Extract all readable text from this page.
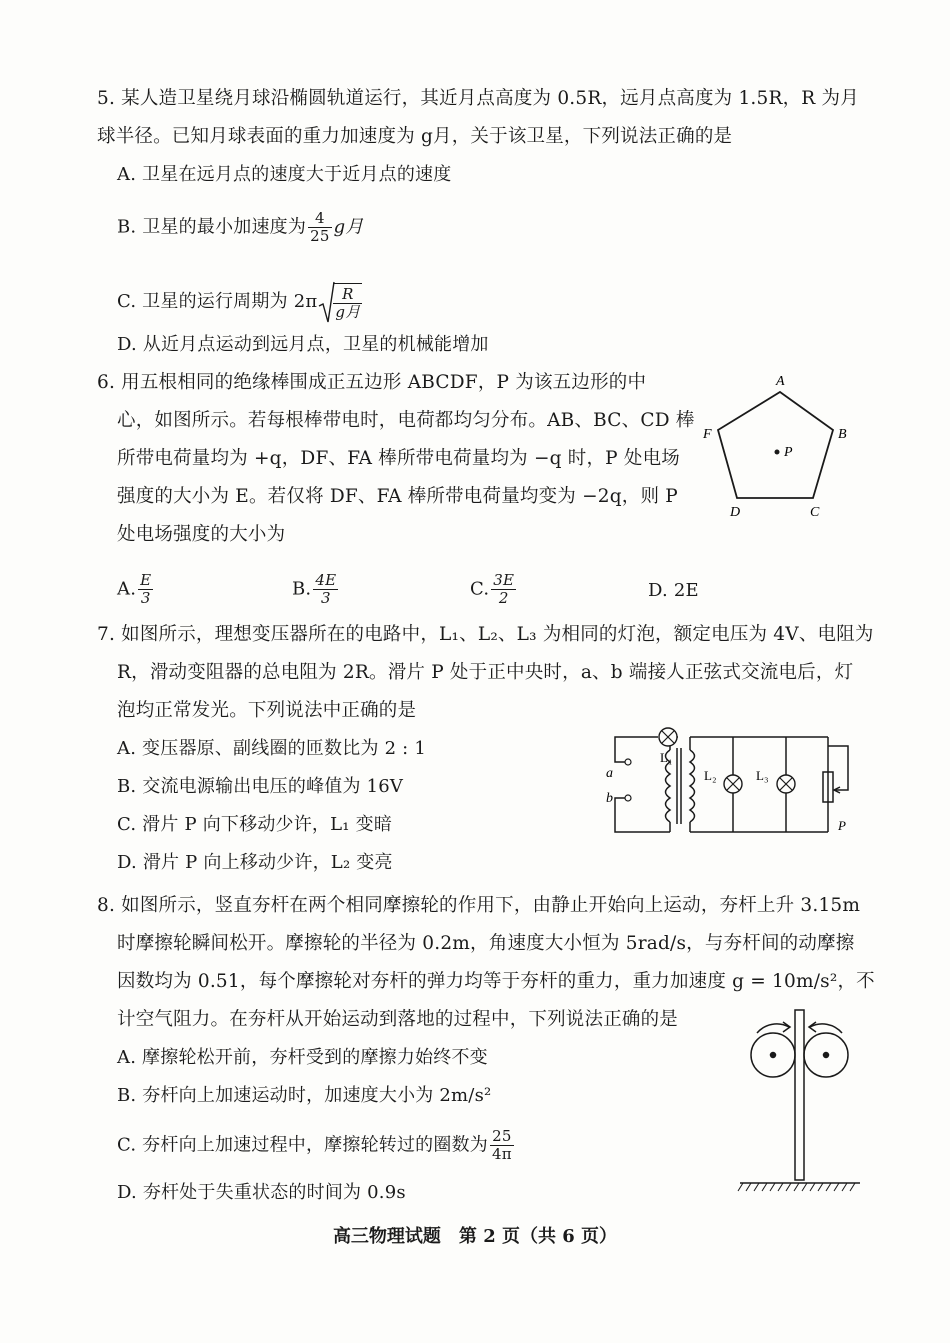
5. 某人造卫星绕月球沿椭圆轨道运行，其近月点高度为 0.5R，远月点高度为 1.5R，R 为月
球半径。已知月球表面的重力加速度为 g月，关于该卫星，下列说法正确的是
A. 卫星在远月点的速度大于近月点的速度
B. 卫星的最小加速度为 $\frac{4}{25}$ g月
C. 卫星的运行周期为 $2\pi \frac{R}{\text{g月}}$
D. 从近月点运动到远月点，卫星的机械能增加
6. 用五根相同的绝缘棒围成正五边形 ABCDF，P 为该五边形的中
心，如图所示。若每根棒带电时，电荷都均匀分布。AB、BC、CD 棒
所带电荷量均为 +q，DF、FA 棒所带电荷量均为 −q 时，P 处电场
强度的大小为 E。若仅将 DF、FA 棒所带电荷量均变为 −2q，则 P
处电场强度的大小为
A. $\frac{E}{3}$	B. $\frac{4E}{3}$	C. $\frac{3E}{2}$	D. 2E
A
B
C
D
F
P
7. 如图所示，理想变压器所在的电路中，L₁、L₂、L₃ 为相同的灯泡，额定电压为 4V、电阻为
R，滑动变阻器的总电阻为 2R。滑片 P 处于正中央时，a、b 端接人正弦式交流电后，灯
泡均正常发光。下列说法中正确的是
A. 变压器原、副线圈的匝数比为 2 : 1
B. 交流电源输出电压的峰值为 16V
C. 滑片 P 向下移动少许，L₁ 变暗
D. 滑片 P 向上移动少许，L₂ 变亮
a
b
L₁
L₂	L₃
P
8. 如图所示，竖直夯杆在两个相同摩擦轮的作用下，由静止开始向上运动，夯杆上升 3.15m
时摩擦轮瞬间松开。摩擦轮的半径为 0.2m，角速度大小恒为 5rad/s，与夯杆间的动摩擦
因数均为 0.51，每个摩擦轮对夯杆的弹力均等于夯杆的重力，重力加速度 g = 10m/s²，不
计空气阻力。在夯杆从开始运动到落地的过程中，下列说法正确的是
A. 摩擦轮松开前，夯杆受到的摩擦力始终不变
B. 夯杆向上加速运动时，加速度大小为 2m/s²
C. 夯杆向上加速过程中，摩擦轮转过的圈数为 $\frac{25}{4\pi}$
D. 夯杆处于失重状态的时间为 0.9s
高三物理试题　第 2 页（共 6 页）
